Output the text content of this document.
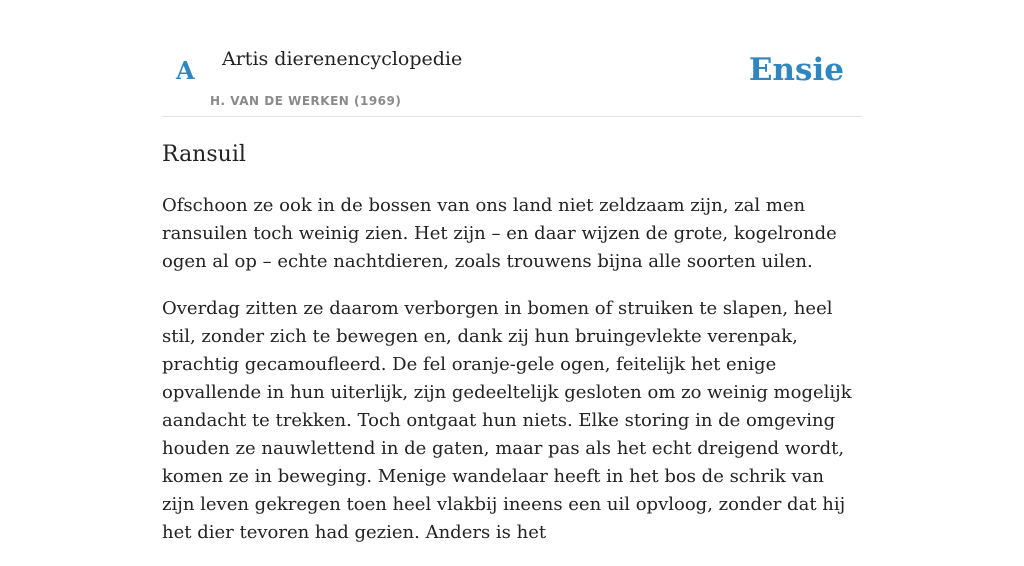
A Artis dierenencyclopedie
H. VAN DE WERKEN (1969)
Ensie
Ransuil

Ofschoon ze ook in de bossen van ons land niet zeldzaam zijn, zal men ransuilen toch weinig zien. Het zijn – en daar wijzen de grote, kogelronde ogen al op – echte nachtdieren, zoals trouwens bijna alle soorten uilen.

Overdag zitten ze daarom verborgen in bomen of struiken te slapen, heel stil, zonder zich te bewegen en, dank zij hun bruingevlekte verenpak, prachtig gecamoufleerd. De fel oranje-gele ogen, feitelijk het enige opvallende in hun uiterlijk, zijn gedeeltelijk gesloten om zo weinig mogelijk aandacht te trekken. Toch ontgaat hun niets. Elke storing in de omgeving houden ze nauwlettend in de gaten, maar pas als het echt dreigend wordt, komen ze in beweging. Menige wandelaar heeft in het bos de schrik van zijn leven gekregen toen heel vlakbij ineens een uil opvloog, zonder dat hij het dier tevoren had gezien. Anders is het
